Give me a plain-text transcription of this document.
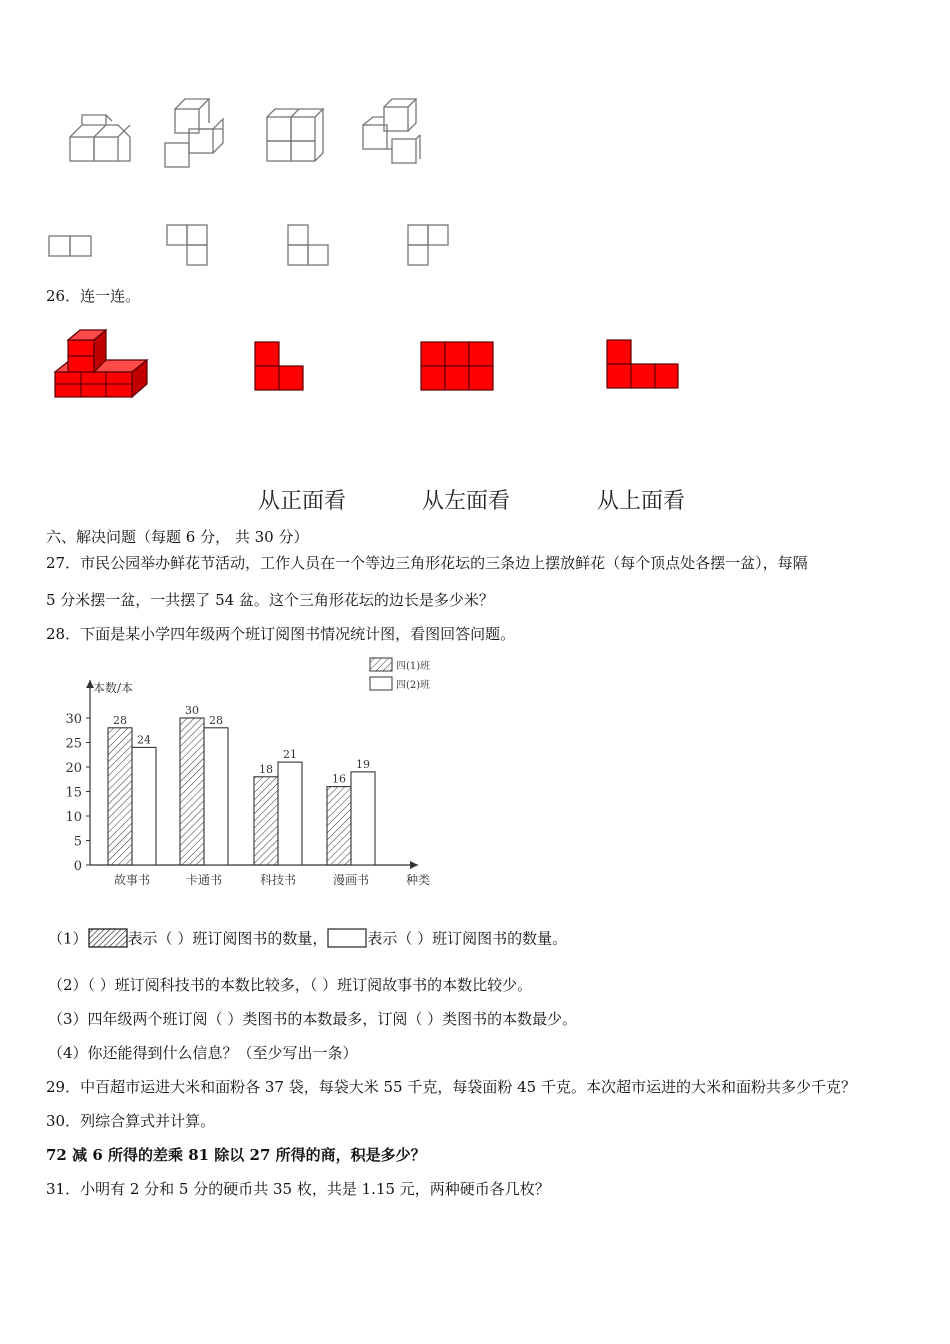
26．连一连。
从正面看	从左面看	从上面看
六、解决问题（每题 6 分， 共 30 分）
27．市民公园举办鲜花节活动，工作人员在一个等边三角形花坛的三条边上摆放鲜花（每个顶点处各摆一盆），每隔
5 分米摆一盆，一共摆了 54 盆。这个三角形花坛的边长是多少米？
28．下面是某小学四年级两个班订阅图书情况统计图，看图回答问题。
本数/本
种类
0
5
10
15
20
25
30	28
24
故事书
30
28
卡通书
18
21
科技书
16
19
漫画书
四(1)班
四(2)班
（1）	表示（ ）班订阅图书的数量，	表示（ ）班订阅图书的数量。
（2）（ ）班订阅科技书的本数比较多，（ ）班订阅故事书的本数比较少。
（3）四年级两个班订阅（ ）类图书的本数最多，订阅（ ）类图书的本数最少。
（4）你还能得到什么信息？（至少写出一条）
29．中百超市运进大米和面粉各 37 袋，每袋大米 55 千克，每袋面粉 45 千克。本次超市运进的大米和面粉共多少千克？
30．列综合算式并计算。
72 减 6 所得的差乘 81 除以 27 所得的商，积是多少？
31．小明有 2 分和 5 分的硬币共 35 枚，共是 1.15 元，两种硬币各几枚？
